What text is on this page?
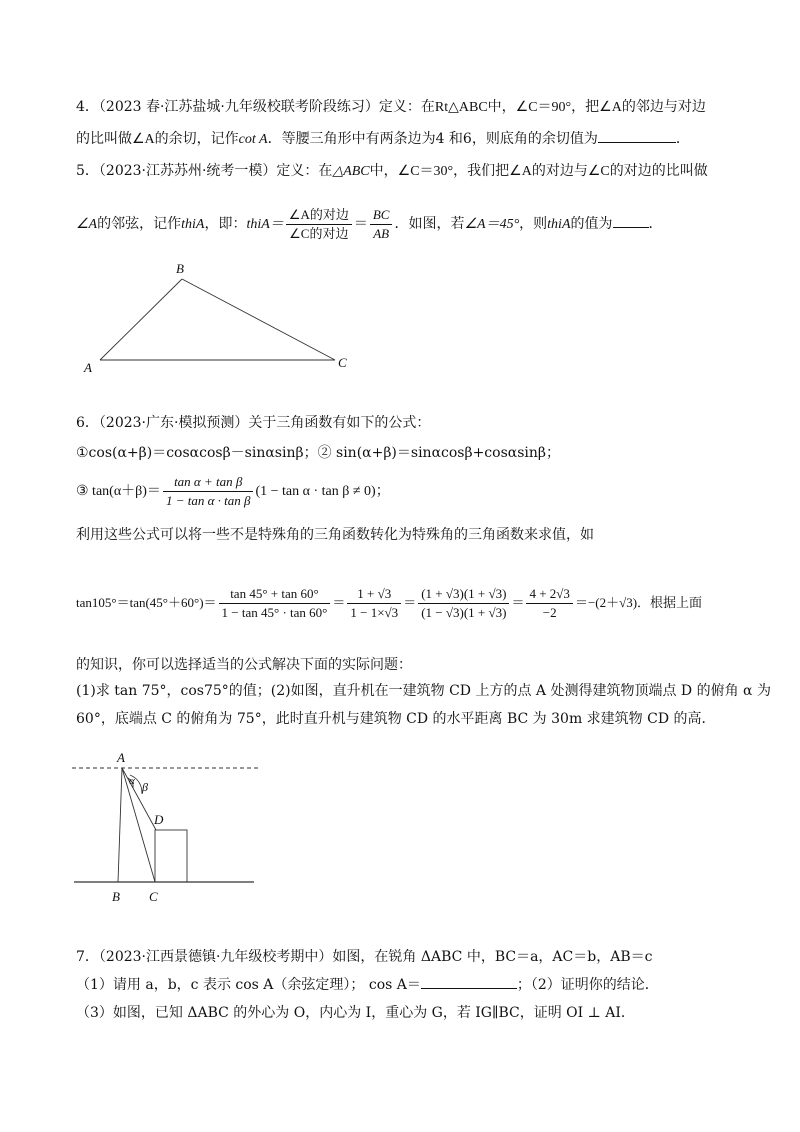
4．（2023 春·江苏盐城·九年级校联考阶段练习）定义：在Rt△ABC中，∠C＝90°，把∠A的邻边与对边
的比叫做∠A的余切，记作cot A．等腰三角形中有两条边为4 和6，则底角的余切值为	．
5．（2023·江苏苏州·统考一模）定义：在△ABC中，∠C＝30°，我们把∠A的对边与∠C的对边的比叫做
∠A的邻弦，记作thiA，即：thiA＝ $\frac{\text{∠A的对边}}{\text{∠C的对边}} = \frac{BC}{AB}$ ．如图，若∠A＝45°，则thiA的值为	．
B
A	C
6．（2023·广东·模拟预测）关于三角函数有如下的公式：
①cos(α+β)＝cosαcosβ－sinαsinβ；② sin(α+β)＝sinαcosβ+cosαsinβ；
③ $\tan(\alpha+\beta)= \frac{\text{tan α + tan β}}{\text{1 − tan α · tan β}} (1 - \tan \alpha \cdot \tan \beta \ne 0)$；
利用这些公式可以将一些不是特殊角的三角函数转化为特殊角的三角函数来求值，如
$\tan 105^\circ=\tan(45^\circ+60^\circ)= \frac{\tan 45^\circ + \tan 60^\circ}{1 - \tan 45^\circ \cdot \tan 60^\circ} = \frac{1 + √3}{1 - 1\times√3} = \frac{(1 + √3)(1 + √3)}{(1 - √3)(1 + √3)} = \frac{4 + 2√3}{-2} =-(2+√3)$．根据上面
的知识，你可以选择适当的公式解决下面的实际问题：
(1)求 tan 75°，cos75°的值；(2)如图，直升机在一建筑物 CD 上方的点 A 处测得建筑物顶端点 D 的俯角 α 为
60°，底端点 C 的俯角为 75°，此时直升机与建筑物 CD 的水平距离 BC 为 30m 求建筑物 CD 的高．
A
α β
D
B C
7．（2023·江西景德镇·九年级校考期中）如图，在锐角 ΔABC 中，BC＝a，AC＝b，AB＝c
（1）请用 a，b，c 表示 cos A（余弦定理）； cos A＝	；（2）证明你的结论．
（3）如图，已知 ΔABC 的外心为 O，内心为 I，重心为 G，若 IG∥BC，证明 OI ⊥ AI．
